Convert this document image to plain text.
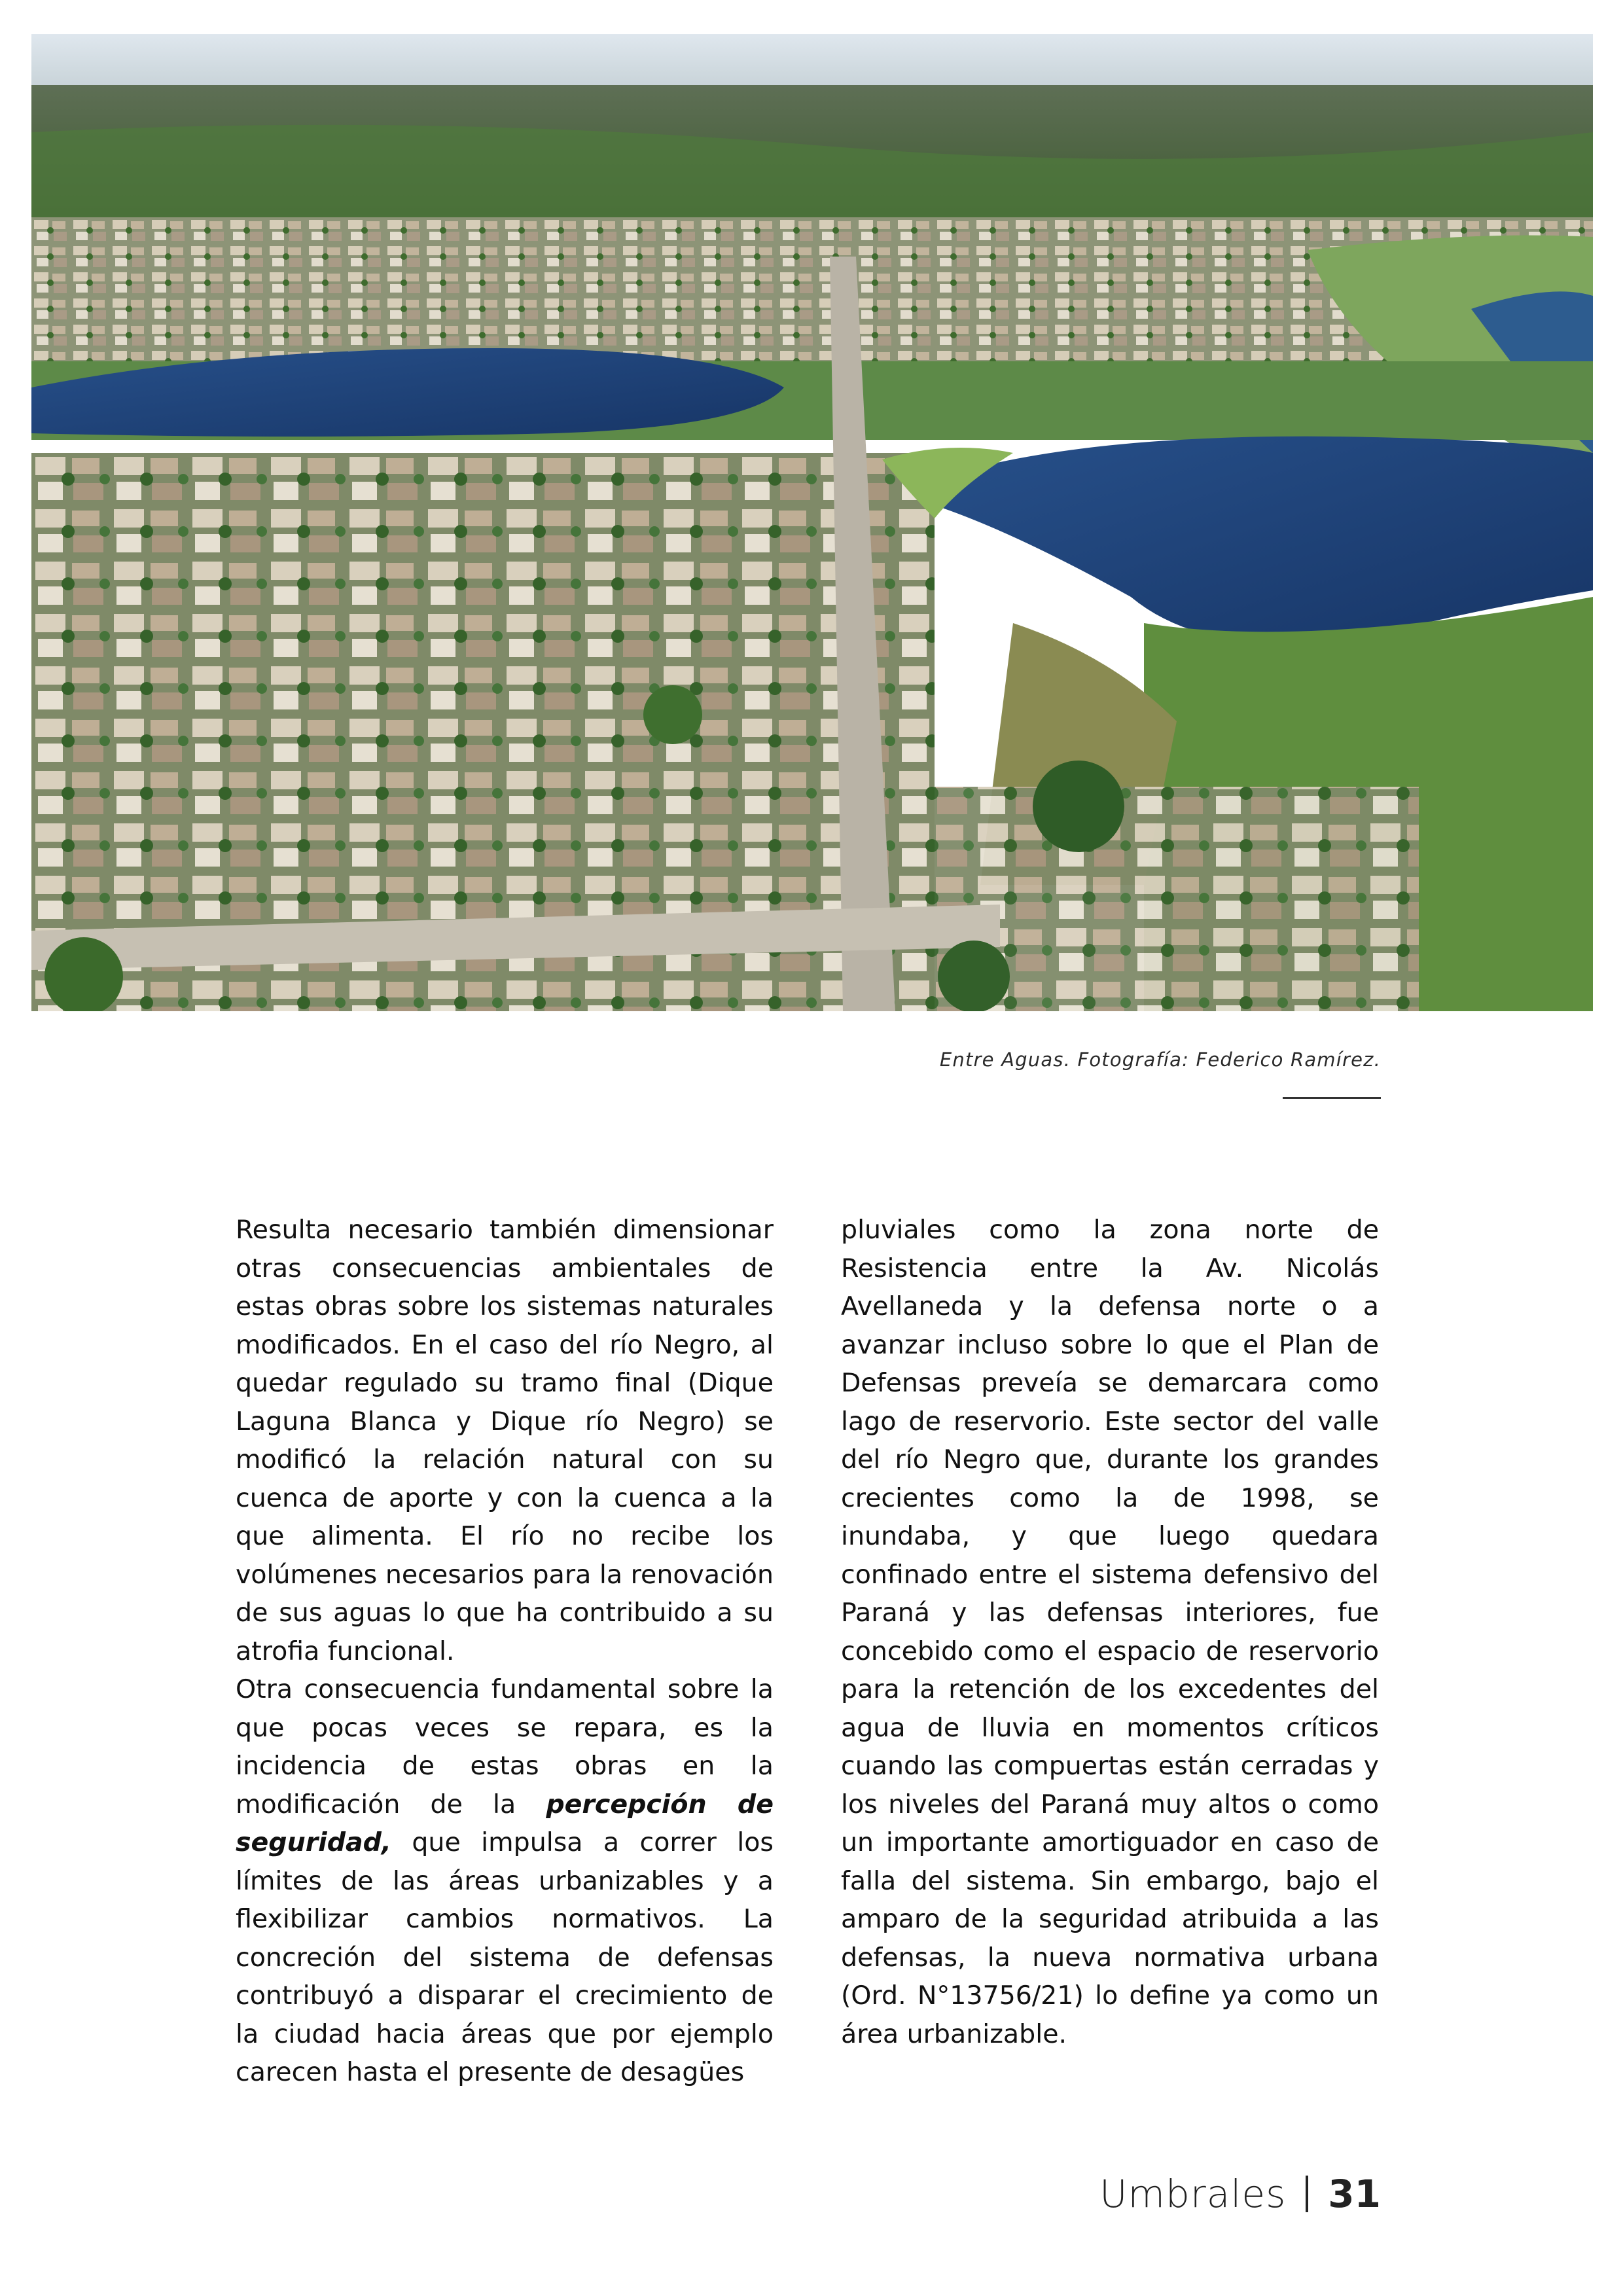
Entre Aguas. Fotografía: Federico Ramírez.

Resulta necesario también dimensionar otras consecuencias ambientales de estas obras sobre los sistemas naturales modificados. En el caso del río Negro, al quedar regulado su tramo final (Dique Laguna Blanca y Dique río Negro) se modificó la relación natural con su cuenca de aporte y con la cuenca a la que alimenta. El río no recibe los volúmenes necesarios para la renovación de sus aguas lo que ha contribuido a su atrofia funcional.

Otra consecuencia fundamental sobre la que pocas veces se repara, es la incidencia de estas obras en la modificación de la percepción de seguridad, que impulsa a correr los límites de las áreas urbanizables y a flexibilizar cambios normativos. La concreción del sistema de defensas contribuyó a disparar el crecimiento de la ciudad hacia áreas que por ejemplo carecen hasta el presente de desagües

pluviales como la zona norte de Resistencia entre la Av. Nicolás Avellaneda y la defensa norte o a avanzar incluso sobre lo que el Plan de Defensas preveía se demarcara como lago de reservorio. Este sector del valle del río Negro que, durante los grandes crecientes como la de 1998, se inundaba, y que luego quedara confinado entre el sistema defensivo del Paraná y las defensas interiores, fue concebido como el espacio de reservorio para la retención de los excedentes del agua de lluvia en momentos críticos cuando las compuertas están cerradas y los niveles del Paraná muy altos o como un importante amortiguador en caso de falla del sistema. Sin embargo, bajo el amparo de la seguridad atribuida a las defensas, la nueva normativa urbana (Ord. N°13756/21) lo define ya como un área urbanizable.

Umbrales 31
